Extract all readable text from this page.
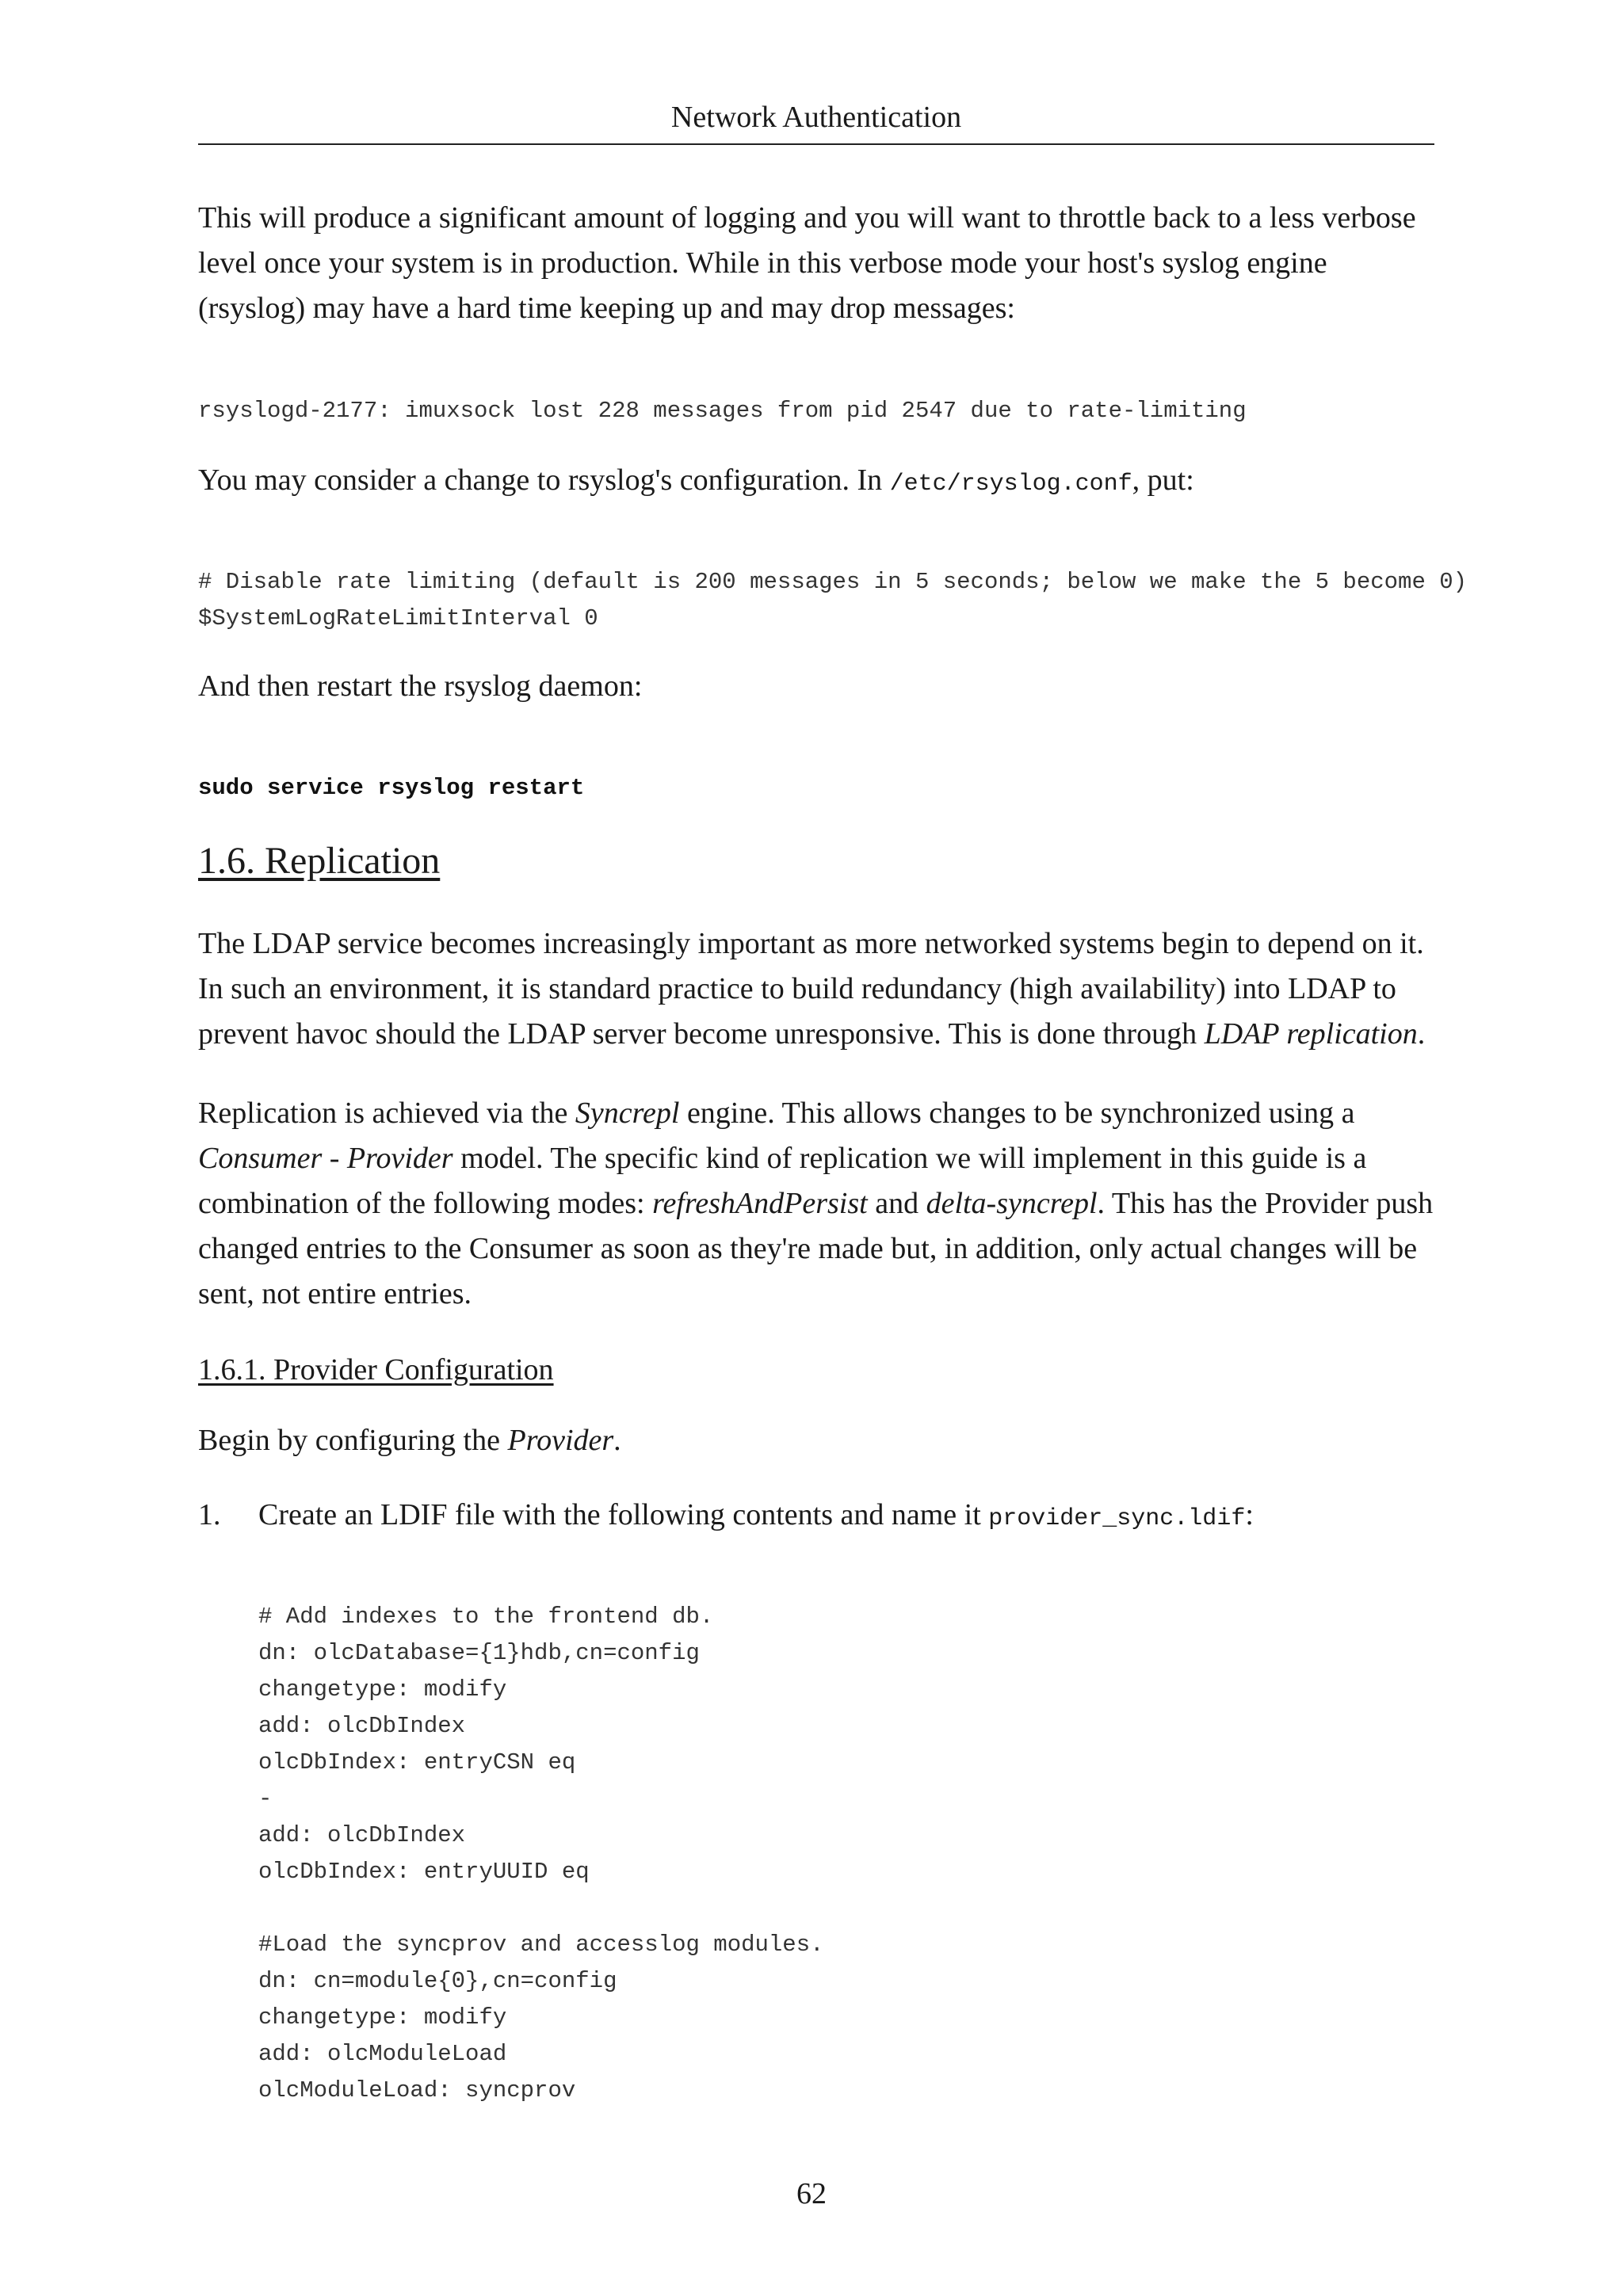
Network Authentication

This will produce a significant amount of logging and you will want to throttle back to a less verbose level once your system is in production. While in this verbose mode your host's syslog engine (rsyslog) may have a hard time keeping up and may drop messages:

rsyslogd-2177: imuxsock lost 228 messages from pid 2547 due to rate-limiting

You may consider a change to rsyslog's configuration. In /etc/rsyslog.conf, put:

# Disable rate limiting (default is 200 messages in 5 seconds; below we make the 5 become 0)
$SystemLogRateLimitInterval 0

And then restart the rsyslog daemon:

sudo service rsyslog restart
1.6. Replication

The LDAP service becomes increasingly important as more networked systems begin to depend on it. In such an environment, it is standard practice to build redundancy (high availability) into LDAP to prevent havoc should the LDAP server become unresponsive. This is done through LDAP replication.

Replication is achieved via the Syncrepl engine. This allows changes to be synchronized using a Consumer - Provider model. The specific kind of replication we will implement in this guide is a combination of the following modes: refreshAndPersist and delta-syncrepl. This has the Provider push changed entries to the Consumer as soon as they're made but, in addition, only actual changes will be sent, not entire entries.

1.6.1. Provider Configuration

Begin by configuring the Provider.

1. Create an LDIF file with the following contents and name it provider_sync.ldif:
# Add indexes to the frontend db.
dn: olcDatabase={1}hdb,cn=config
changetype: modify
add: olcDbIndex
olcDbIndex: entryCSN eq
-
add: olcDbIndex
olcDbIndex: entryUUID eq

#Load the syncprov and accesslog modules.
dn: cn=module{0},cn=config
changetype: modify
add: olcModuleLoad
olcModuleLoad: syncprov
62
